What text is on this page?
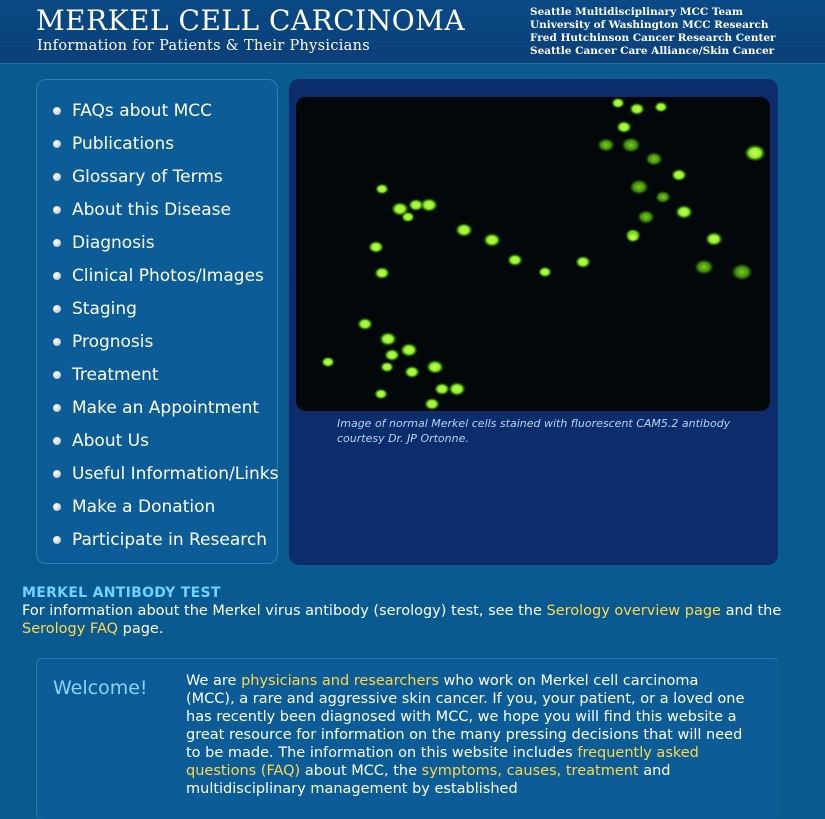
MERKEL CELL CARCINOMA
Information for Patients & Their Physicians
Seattle Multidisciplinary MCC Team
University of Washington MCC Research
Fred Hutchinson Cancer Research Center
Seattle Cancer Care Alliance/Skin Cancer
FAQs about MCC
Publications
Glossary of Terms
About this Disease
Diagnosis
Clinical Photos/Images
Staging
Prognosis
Treatment
Make an Appointment
About Us
Useful Information/Links
Make a Donation
Participate in Research
Image of normal Merkel cells stained with fluorescent CAM5.2 antibody
courtesy Dr. JP Ortonne.
MERKEL ANTIBODY TEST
For information about the Merkel virus antibody (serology) test, see the Serology overview page and the Serology FAQ page.
Welcome!	We are physicians and researchers who work on Merkel cell carcinoma (MCC), a rare and aggressive skin cancer. If you, your patient, or a loved one has recently been diagnosed with MCC, we hope you will find this website a great resource for information on the many pressing decisions that will need to be made. The information on this website includes frequently asked questions (FAQ) about MCC, the symptoms, causes, treatment and multidisciplinary management by established
